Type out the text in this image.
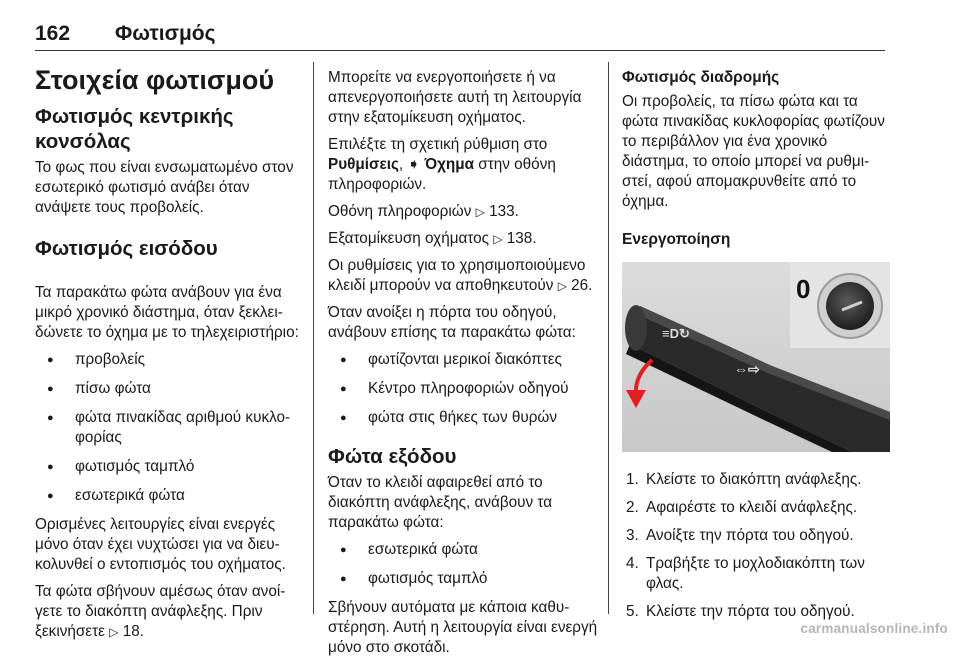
162 Φωτισμός
Στοιχεία φωτισμού
Φωτισμός κεντρικής κονσόλας

Το φως που είναι ενσωματωμένο στον εσωτερικό φωτισμό ανάβει όταν ανάψετε τους προβολείς.

Φωτισμός εισόδου

Τα παρακάτω φώτα ανάβουν για ένα μικρό χρονικό διάστημα, όταν ξεκλειδώνετε το όχημα με το τηλεχειριστήριο:

● προβολείς
● πίσω φώτα
● φώτα πινακίδας αριθμού κυκλοφορίας
● φωτισμός ταμπλό
● εσωτερικά φώτα

Ορισμένες λειτουργίες είναι ενεργές μόνο όταν έχει νυχτώσει για να διευκολυνθεί ο εντοπισμός του οχήματος.

Τα φώτα σβήνουν αμέσως όταν ανοίγετε το διακόπτη ανάφλεξης. Πριν ξεκινήσετε ▷ 18.

Μπορείτε να ενεργοποιήσετε ή να απενεργοποιήσετε αυτή τη λειτουργία στην εξατομίκευση οχήματος.

Επιλέξτε τη σχετική ρύθμιση στο Ρυθμίσεις, ➧ Όχημα στην οθόνη πληροφοριών.

Οθόνη πληροφοριών ▷ 133.

Εξατομίκευση οχήματος ▷ 138.

Οι ρυθμίσεις για το χρησιμοποιούμενο κλειδί μπορούν να αποθηκευτούν ▷ 26.

Όταν ανοίξει η πόρτα του οδηγού, ανάβουν επίσης τα παρακάτω φώτα:

● φωτίζονται μερικοί διακόπτες
● Κέντρο πληροφοριών οδηγού
● φώτα στις θήκες των θυρών
Φώτα εξόδου

Όταν το κλειδί αφαιρεθεί από το διακόπτη ανάφλεξης, ανάβουν τα παρακάτω φώτα:

● εσωτερικά φώτα
● φωτισμός ταμπλό

Σβήνουν αυτόματα με κάποια καθυστέρηση. Αυτή η λειτουργία είναι ενεργή μόνο στο σκοτάδι.

Φωτισμός διαδρομής

Οι προβολείς, τα πίσω φώτα και τα φώτα πινακίδας κυκλοφορίας φωτίζουν το περιβάλλον για ένα χρονικό διάστημα, το οποίο μπορεί να ρυθμιστεί, αφού απομακρυνθείτε από το όχημα.

Ενεργοποίηση
≡D↻
⇔⇨
0
1. Κλείστε το διακόπτη ανάφλεξης.
2. Αφαιρέστε το κλειδί ανάφλεξης.
3. Ανοίξτε την πόρτα του οδηγού.
4. Τραβήξτε το μοχλοδιακόπτη των φλας.
5. Κλείστε την πόρτα του οδηγού.
carmanualsonline.info
